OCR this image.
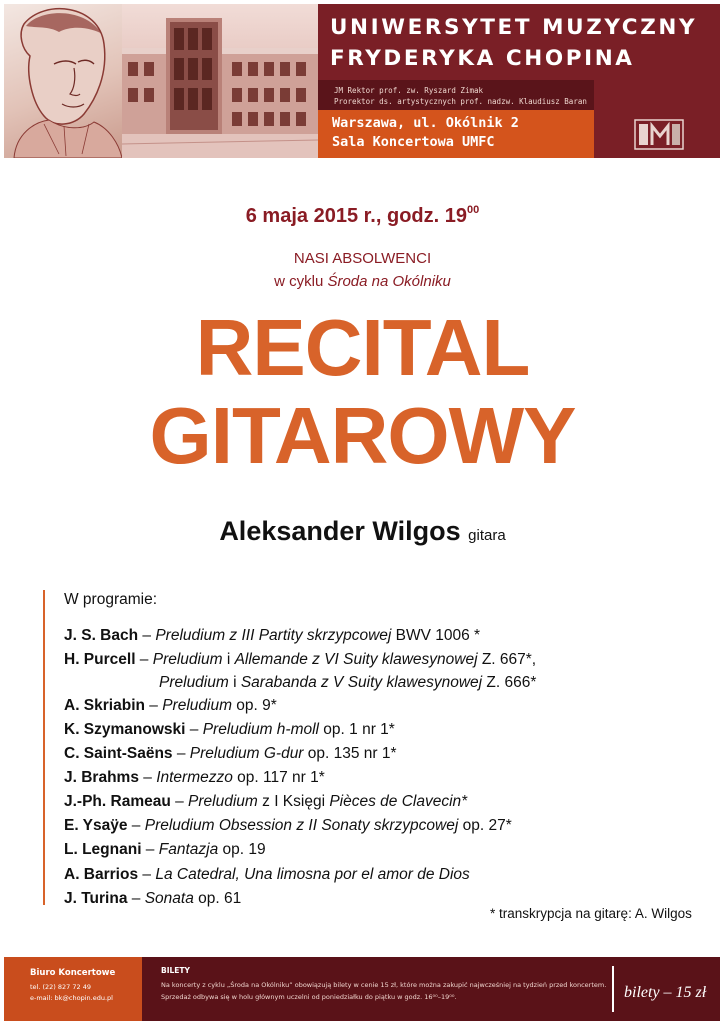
UNIWERSYTET MUZYCZNY
FRYDERYKA CHOPINA
JM Rektor prof. zw. Ryszard Zimak
Prorektor ds. artystycznych prof. nadzw. Klaudiusz Baran
Warszawa, ul. Okólnik 2
Sala Koncertowa UMFC
6 maja 2015 r., godz. $19^{00}$
NASI ABSOLWENCI
w cyklu Środa na Okólniku
RECITAL
GITAROWY
Aleksander Wilgos gitara
W programie:
J. S. Bach – Preludium z III Partity skrzypcowej BWV 1006 *
H. Purcell – Preludium i Allemande z VI Suity klawesynowej Z. 667*,
Preludium i Sarabanda z V Suity klawesynowej Z. 666*
A. Skriabin – Preludium op. 9*
K. Szymanowski – Preludium h-moll op. 1 nr 1*
C. Saint-Saëns – Preludium G-dur op. 135 nr 1*
J. Brahms – Intermezzo op. 117 nr 1*
J.-Ph. Rameau – Preludium z I Księgi Pièces de Clavecin*
E. Ysaÿe – Preludium Obsession z II Sonaty skrzypcowej op. 27*
L. Legnani – Fantazja op. 19
A. Barrios – La Catedral, Una limosna por el amor de Dios
J. Turina – Sonata op. 61
* transkrypcja na gitarę: A. Wilgos
Biuro Koncertowe
tel. (22) 827 72 49
e-mail: bk@chopin.edu.pl
BILETY
Na koncerty z cyklu „Środa na Okólniku” obowiązują bilety w cenie 15 zł, które można zakupić najwcześniej na tydzień przed koncertem.
Sprzedaż odbywa się w holu głównym uczelni od poniedziałku do piątku w godz. 16⁰⁰–19⁰⁰.	bilety – 15 zł
